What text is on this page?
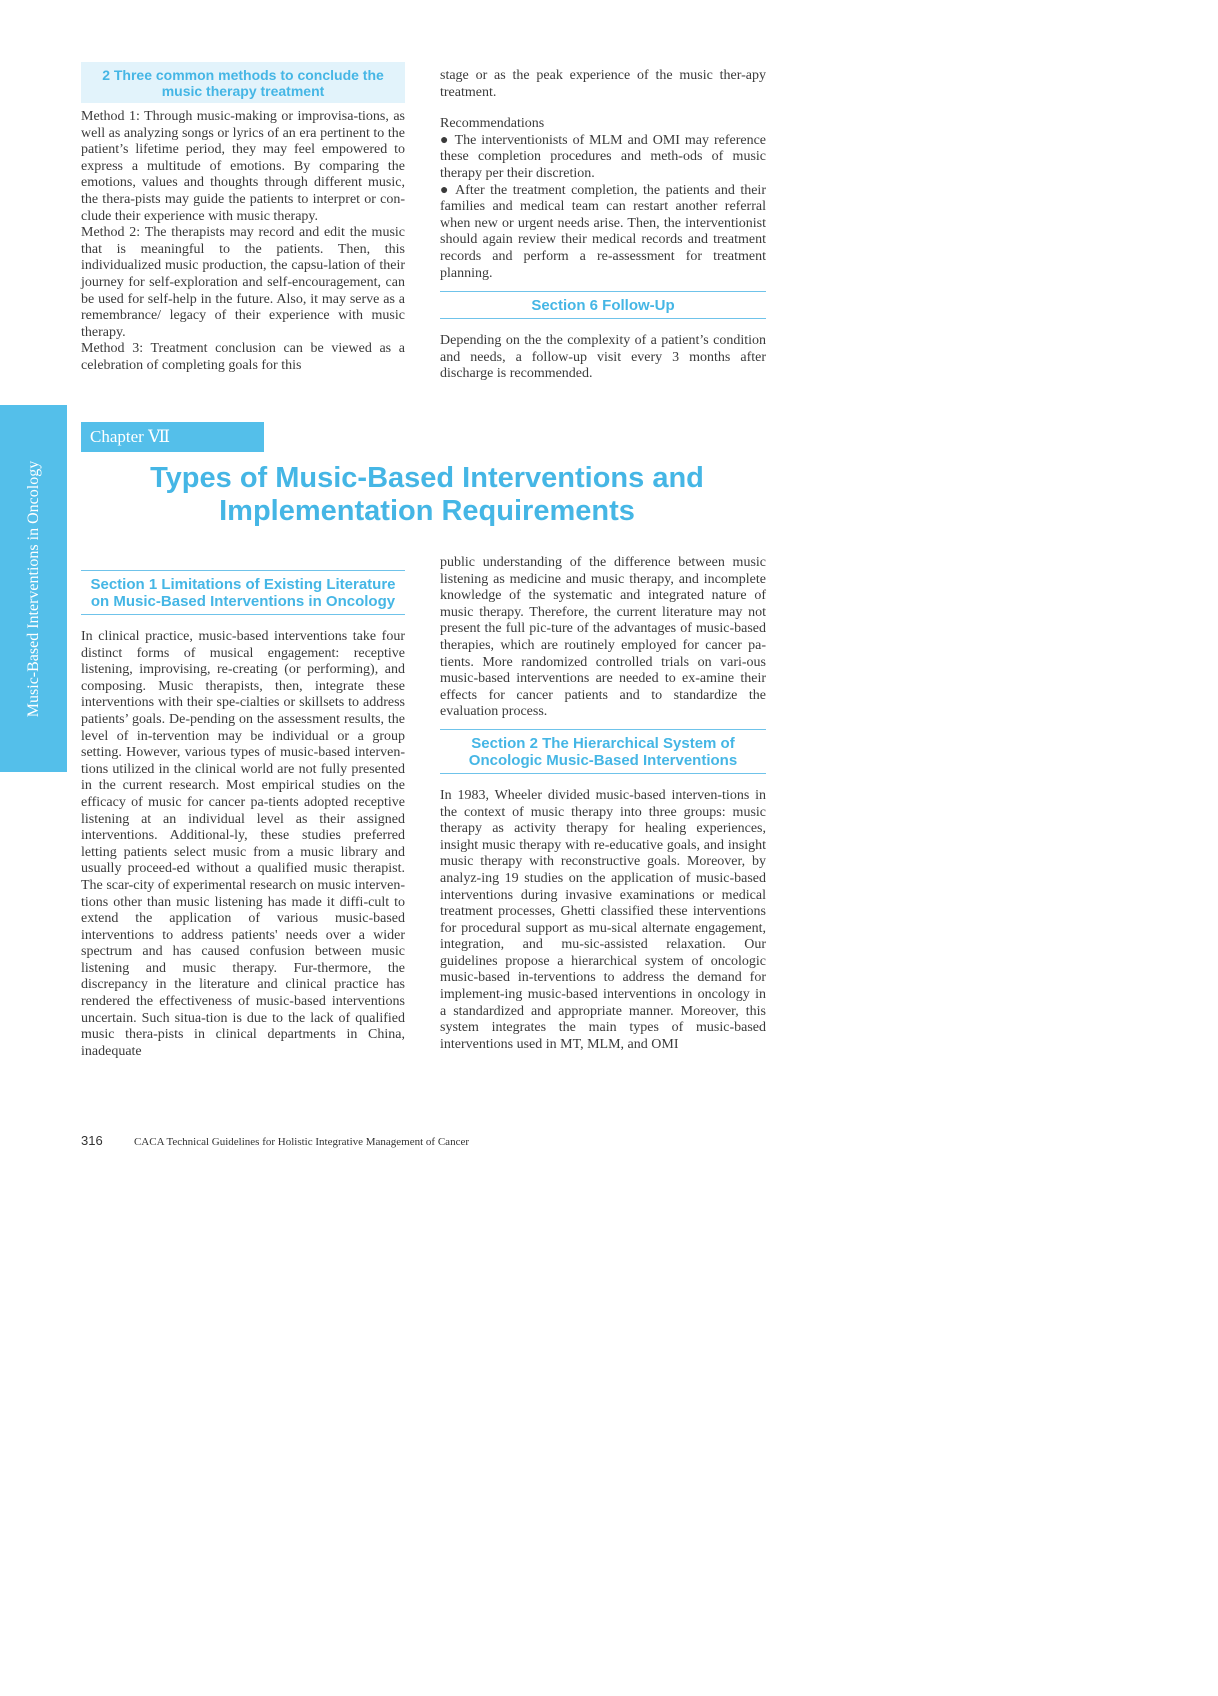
2 Three common methods to conclude the music therapy treatment

Method 1: Through music-making or improvisa-tions, as well as analyzing songs or lyrics of an era pertinent to the patient’s lifetime period, they may feel empowered to express a multitude of emotions. By comparing the emotions, values and thoughts through different music, the thera-pists may guide the patients to interpret or con-clude their experience with music therapy.

Method 2: The therapists may record and edit the music that is meaningful to the patients. Then, this individualized music production, the capsu-lation of their journey for self-exploration and self-encouragement, can be used for self-help in the future. Also, it may serve as a remembrance/ legacy of their experience with music therapy.

Method 3: Treatment conclusion can be viewed as a celebration of completing goals for this

stage or as the peak experience of the music ther-apy treatment.

Recommendations

● The interventionists of MLM and OMI may reference these completion procedures and meth-ods of music therapy per their discretion.

● After the treatment completion, the patients and their families and medical team can restart another referral when new or urgent needs arise. Then, the interventionist should again review their medical records and treatment records and perform a re-assessment for treatment planning.

Section 6 Follow-Up

Depending on the the complexity of a patient’s condition and needs, a follow-up visit every 3 months after discharge is recommended.

Music-Based Interventions in Oncology
Chapter Ⅶ
Types of Music-Based Interventions and
Implementation Requirements
Section 1 Limitations of Existing Literature on Music-Based Interventions in Oncology

In clinical practice, music-based interventions take four distinct forms of musical engagement: receptive listening, improvising, re-creating (or performing), and composing. Music therapists, then, integrate these interventions with their spe-cialties or skillsets to address patients’ goals. De-pending on the assessment results, the level of in-tervention may be individual or a group setting. However, various types of music-based interven-tions utilized in the clinical world are not fully presented in the current research. Most empirical studies on the efficacy of music for cancer pa-tients adopted receptive listening at an individual level as their assigned interventions. Additional-ly, these studies preferred letting patients select music from a music library and usually proceed-ed without a qualified music therapist. The scar-city of experimental research on music interven-tions other than music listening has made it diffi-cult to extend the application of various music-based interventions to address patients' needs over a wider spectrum and has caused confusion between music listening and music therapy. Fur-thermore, the discrepancy in the literature and clinical practice has rendered the effectiveness of music-based interventions uncertain. Such situa-tion is due to the lack of qualified music thera-pists in clinical departments in China, inadequate

public understanding of the difference between music listening as medicine and music therapy, and incomplete knowledge of the systematic and integrated nature of music therapy. Therefore, the current literature may not present the full pic-ture of the advantages of music-based therapies, which are routinely employed for cancer pa-tients. More randomized controlled trials on vari-ous music-based interventions are needed to ex-amine their effects for cancer patients and to standardize the evaluation process.

Section 2 The Hierarchical System of Oncologic Music-Based Interventions

In 1983, Wheeler divided music-based interven-tions in the context of music therapy into three groups: music therapy as activity therapy for healing experiences, insight music therapy with re-educative goals, and insight music therapy with reconstructive goals. Moreover, by analyz-ing 19 studies on the application of music-based interventions during invasive examinations or medical treatment processes, Ghetti classified these interventions for procedural support as mu-sical alternate engagement, integration, and mu-sic-assisted relaxation. Our guidelines propose a hierarchical system of oncologic music-based in-terventions to address the demand for implement-ing music-based interventions in oncology in a standardized and appropriate manner. Moreover, this system integrates the main types of music-based interventions used in MT, MLM, and OMI

316	CACA Technical Guidelines for Holistic Integrative Management of Cancer
